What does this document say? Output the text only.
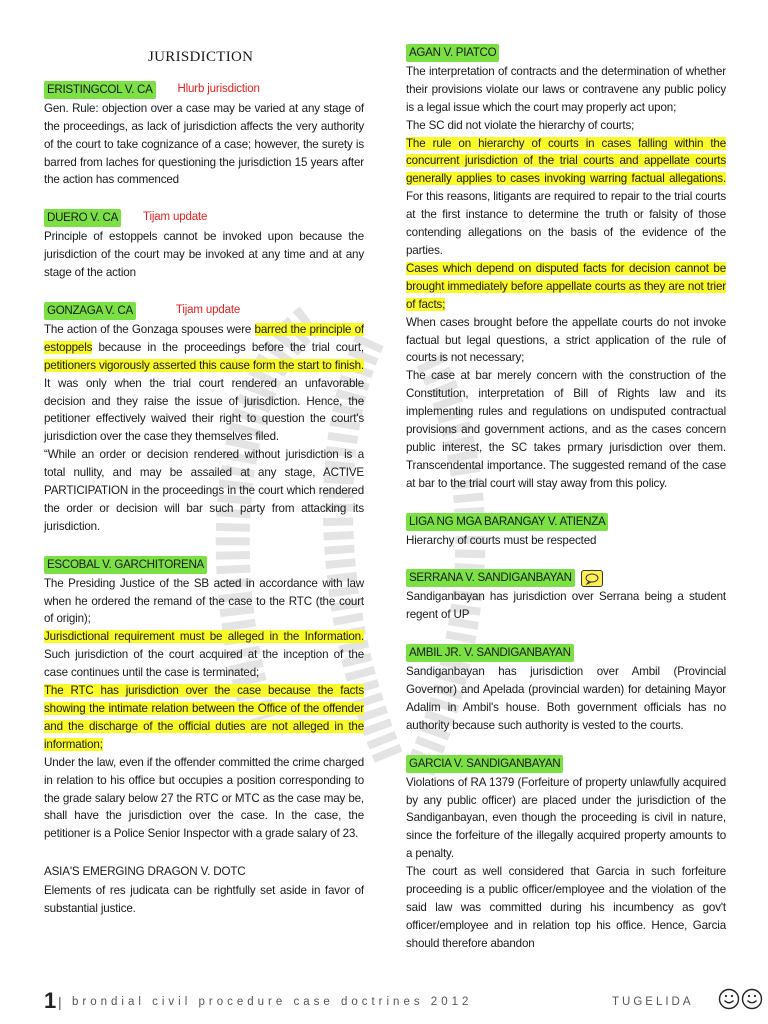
JURISDICTION
ERISTINGCOL V. CA Hlurb jurisdiction

Gen. Rule: objection over a case may be varied at any stage of the proceedings, as lack of jurisdiction affects the very authority of the court to take cognizance of a case; however, the surety is barred from laches for questioning the jurisdiction 15 years after the action has commenced

DUERO V. CA Tijam update

Principle of estoppels cannot be invoked upon because the jurisdiction of the court may be invoked at any time and at any stage of the action

GONZAGA V. CA	Tijam update

The action of the Gonzaga spouses were barred the principle of estoppels because in the proceedings before the trial court, petitioners vigorously asserted this cause form the start to finish. It was only when the trial court rendered an unfavorable decision and they raise the issue of jurisdiction. Hence, the petitioner effectively waived their right to question the court's jurisdiction over the case they themselves filed.

“While an order or decision rendered without jurisdiction is a total nullity, and may be assailed at any stage, ACTIVE PARTICIPATION in the proceedings in the court which rendered the order or decision will bar such party from attacking its jurisdiction.

ESCOBAL V. GARCHITORENA

The Presiding Justice of the SB acted in accordance with law when he ordered the remand of the case to the RTC (the court of origin);

Jurisdictional requirement must be alleged in the Information. Such jurisdiction of the court acquired at the inception of the case continues until the case is terminated;

The RTC has jurisdiction over the case because the facts showing the intimate relation between the Office of the offender and the discharge of the official duties are not alleged in the information;

Under the law, even if the offender committed the crime charged in relation to his office but occupies a position corresponding to the grade salary below 27 the RTC or MTC as the case may be, shall have the jurisdiction over the case. In the case, the petitioner is a Police Senior Inspector with a grade salary of 23.

ASIA'S EMERGING DRAGON V. DOTC

Elements of res judicata can be rightfully set aside in favor of substantial justice.

AGAN V. PIATCO

The interpretation of contracts and the determination of whether their provisions violate our laws or contravene any public policy is a legal issue which the court may properly act upon;

The SC did not violate the hierarchy of courts;

The rule on hierarchy of courts in cases falling within the concurrent jurisdiction of the trial courts and appellate courts generally applies to cases invoking warring factual allegations. For this reasons, litigants are required to repair to the trial courts at the first instance to determine the truth or falsity of those contending allegations on the basis of the evidence of the parties.

Cases which depend on disputed facts for decision cannot be brought immediately before appellate courts as they are not trier of facts;

When cases brought before the appellate courts do not invoke factual but legal questions, a strict application of the rule of courts is not necessary;

The case at bar merely concern with the construction of the Constitution, interpretation of Bill of Rights law and its implementing rules and regulations on undisputed contractual provisions and government actions, and as the cases concern public interest, the SC takes prmary jurisdiction over them. Transcendental importance. The suggested remand of the case at bar to the trial court will stay away from this policy.

LIGA NG MGA BARANGAY V. ATIENZA

Hierarchy of courts must be respected

SERRANA V. SANDIGANBAYAN

Sandiganbayan has jurisdiction over Serrana being a student regent of UP

AMBIL JR. V. SANDIGANBAYAN

Sandiganbayan has jurisdiction over Ambil (Provincial Governor) and Apelada (provincial warden) for detaining Mayor Adalim in Ambil's house. Both government officials has no authority because such authority is vested to the courts.

GARCIA V. SANDIGANBAYAN

Violations of RA 1379 (Forfeiture of property unlawfully acquired by any public officer) are placed under the jurisdiction of the Sandiganbayan, even though the proceeding is civil in nature, since the forfeiture of the illegally acquired property amounts to a penalty.

The court as well considered that Garcia in such forfeiture proceeding is a public officer/employee and the violation of the said law was committed during his incumbency as gov't officer/employee and in relation top his office. Hence, Garcia should therefore abandon

1 | brondial civil procedure case doctrines 2012	TUGELIDA
